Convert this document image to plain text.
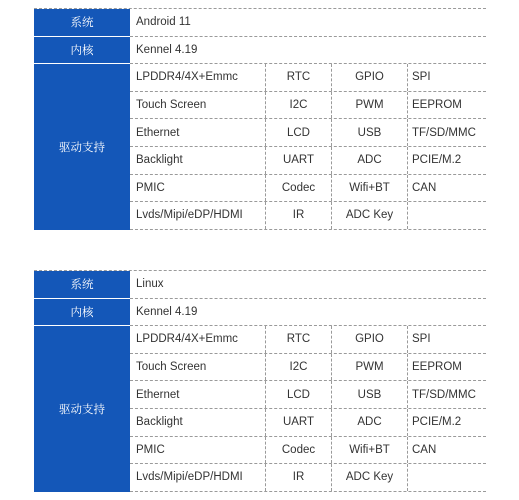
系统	Android 11
内核	Kennel 4.19
驱动支持
LPDDR4/4X+Emmc	RTC	GPIO	SPI
Touch Screen	I2C	PWM	EEPROM
Ethernet	LCD	USB	TF/SD/MMC
Backlight	UART	ADC	PCIE/M.2
PMIC	Codec	Wifi+BT	CAN
Lvds/Mipi/eDP/HDMI	IR	ADC Key
系统	Linux
内核	Kennel 4.19
驱动支持
LPDDR4/4X+Emmc	RTC	GPIO	SPI
Touch Screen	I2C	PWM	EEPROM
Ethernet	LCD	USB	TF/SD/MMC
Backlight	UART	ADC	PCIE/M.2
PMIC	Codec	Wifi+BT	CAN
Lvds/Mipi/eDP/HDMI	IR	ADC Key
